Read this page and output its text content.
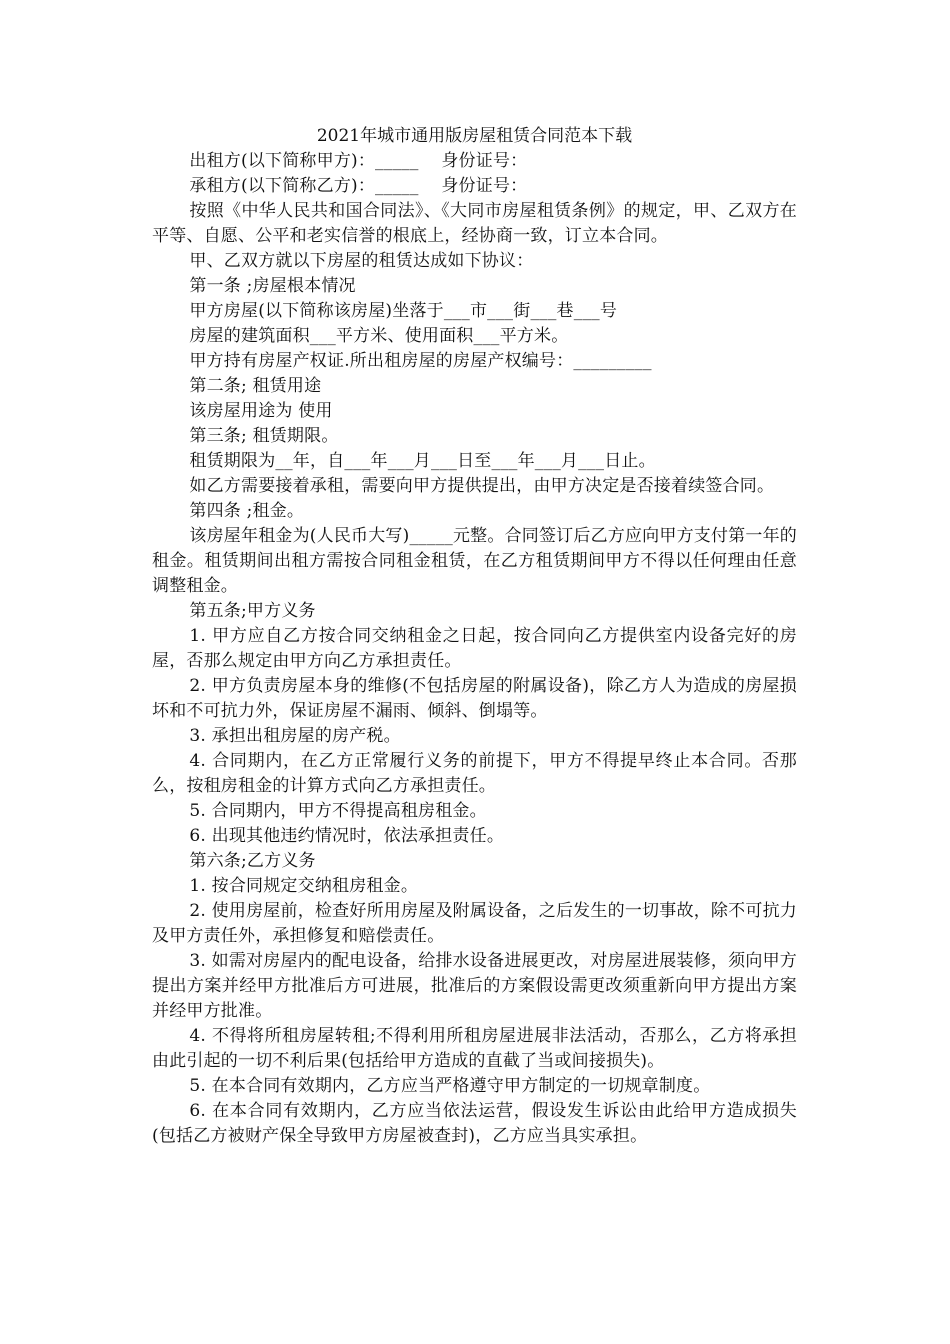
2021年城市通用版房屋租赁合同范本下载

出租方(以下简称甲方)：_____　 身份证号：

承租方(以下简称乙方)：_____　 身份证号：

按照《中华人民共和国合同法》、《大同市房屋租赁条例》的规定，甲、乙双方在平等、自愿、公平和老实信誉的根底上，经协商一致，订立本合同。

甲、乙双方就以下房屋的租赁达成如下协议：

第一条 ;房屋根本情况

甲方房屋(以下简称该房屋)坐落于___市___街___巷___号

房屋的建筑面积___平方米、使用面积___平方米。

甲方持有房屋产权证.所出租房屋的房屋产权编号：_________

第二条; 租赁用途

该房屋用途为 使用

第三条; 租赁期限。

租赁期限为__年，自___年___月___日至___年___月___日止。

如乙方需要接着承租，需要向甲方提供提出，由甲方决定是否接着续签合同。

第四条 ;租金。

该房屋年租金为(人民币大写)_____元整。合同签订后乙方应向甲方支付第一年的租金。租赁期间出租方需按合同租金租赁，在乙方租赁期间甲方不得以任何理由任意调整租金。

第五条;甲方义务

1. 甲方应自乙方按合同交纳租金之日起，按合同向乙方提供室内设备完好的房屋，否那么规定由甲方向乙方承担责任。

2. 甲方负责房屋本身的维修(不包括房屋的附属设备)，除乙方人为造成的房屋损坏和不可抗力外，保证房屋不漏雨、倾斜、倒塌等。

3. 承担出租房屋的房产税。

4. 合同期内，在乙方正常履行义务的前提下，甲方不得提早终止本合同。否那么，按租房租金的计算方式向乙方承担责任。

5. 合同期内，甲方不得提高租房租金。

6. 出现其他违约情况时，依法承担责任。

第六条;乙方义务

1. 按合同规定交纳租房租金。

2. 使用房屋前，检查好所用房屋及附属设备，之后发生的一切事故，除不可抗力及甲方责任外，承担修复和赔偿责任。

3. 如需对房屋内的配电设备，给排水设备进展更改，对房屋进展装修，须向甲方提出方案并经甲方批准后方可进展，批准后的方案假设需更改须重新向甲方提出方案并经甲方批准。

4. 不得将所租房屋转租;不得利用所租房屋进展非法活动，否那么，乙方将承担由此引起的一切不利后果(包括给甲方造成的直截了当或间接损失)。

5. 在本合同有效期内，乙方应当严格遵守甲方制定的一切规章制度。

6. 在本合同有效期内，乙方应当依法运营，假设发生诉讼由此给甲方造成损失(包括乙方被财产保全导致甲方房屋被查封)，乙方应当具实承担。
